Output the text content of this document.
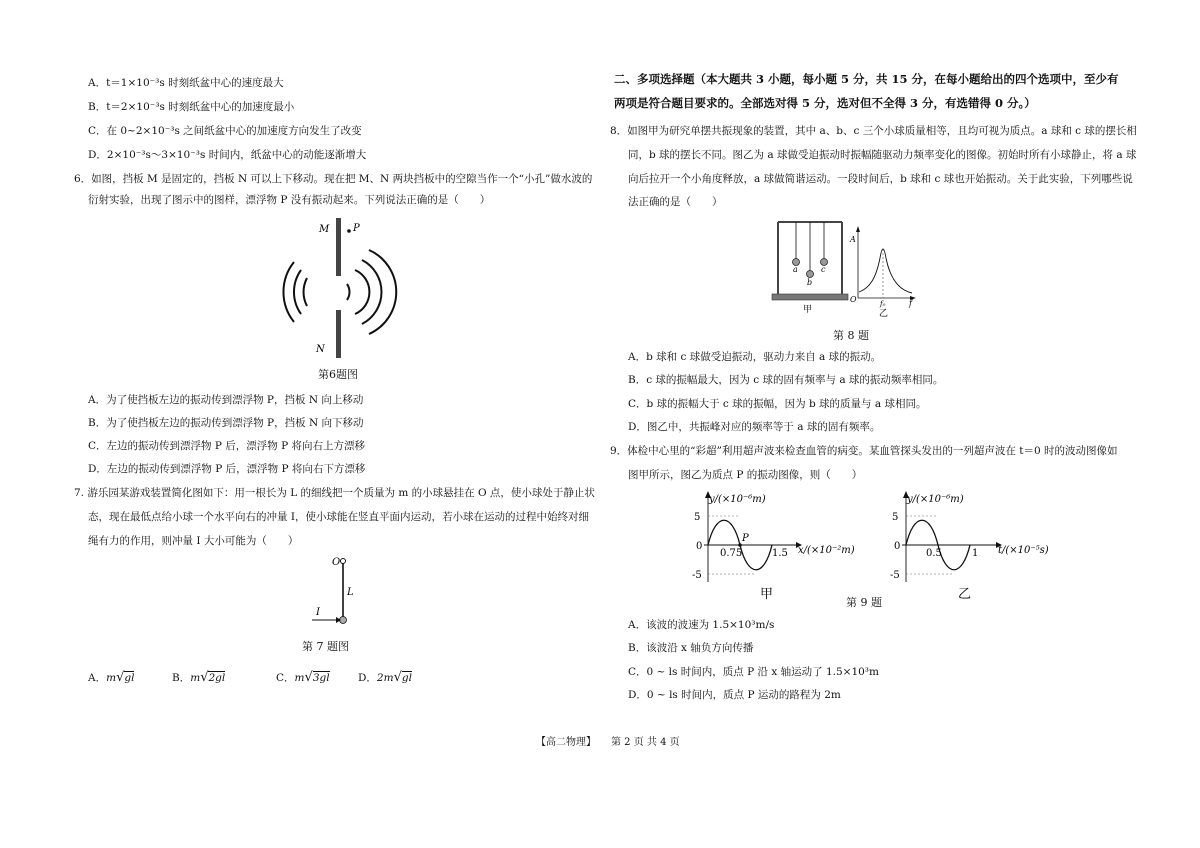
A．t＝1×10⁻³s 时刻纸盆中心的速度最大
B．t＝2×10⁻³s 时刻纸盆中心的加速度最小
C．在 0~2×10⁻³s 之间纸盆中心的加速度方向发生了改变
D．2×10⁻³s～3×10⁻³s 时间内，纸盆中心的动能逐渐增大
6．如图，挡板 M 是固定的，挡板 N 可以上下移动。现在把 M、N 两块挡板中的空隙当作一个“小孔”做水波的
衍射实验，出现了图示中的图样，漂浮物 P 没有振动起来。下列说法正确的是（　　）
M P
N
第6题图
A．为了使挡板左边的振动传到漂浮物 P，挡板 N 向上移动
B．为了使挡板左边的振动传到漂浮物 P，挡板 N 向下移动
C．左边的振动传到漂浮物 P 后，漂浮物 P 将向右上方漂移
D．左边的振动传到漂浮物 P 后，漂浮物 P 将向右下方漂移
7. 游乐园某游戏装置简化图如下：用一根长为 L 的细线把一个质量为 m 的小球悬挂在 O 点，使小球处于静止状
态，现在最低点给小球一个水平向右的冲量 I，使小球能在竖直平面内运动，若小球在运动的过程中始终对细
绳有力的作用，则冲量 I 大小可能为（　　）
O
L
I
第 7 题图
A．m√gl	B．m√2gl	C．m√3gl	D．2m√gl
二、多项选择题（本大题共 3 小题，每小题 5 分，共 15 分，在每小题给出的四个选项中，至少有
两项是符合题目要求的。全部选对得 5 分，选对但不全得 3 分，有选错得 0 分。）
8．如图甲为研究单摆共振现象的装置，其中 a、b、c 三个小球质量相等，且均可视为质点。a 球和 c 球的摆长相
同，b 球的摆长不同。图乙为 a 球做受迫振动时振幅随驱动力频率变化的图像。初始时所有小球静止，将 a 球
向后拉开一个小角度释放，a 球做简谐运动。一段时间后，b 球和 c 球也开始振动。关于此实验，下列哪些说
法正确的是（　　）
a
b
c
甲
A
O	f₀	f
乙
第 8 题
A．b 球和 c 球做受迫振动，驱动力来自 a 球的振动。
B．c 球的振幅最大，因为 c 球的固有频率与 a 球的振动频率相同。
C．b 球的振幅大于 c 球的振幅，因为 b 球的质量与 a 球相同。
D．图乙中，共振峰对应的频率等于 a 球的固有频率。
9．体检中心里的“彩超”利用超声波来检查血管的病变。某血管探头发出的一列超声波在 t＝0 时的波动图像如
图甲所示，图乙为质点 P 的振动图像，则（　　）
y/(×10⁻⁶m)
5
0
-5
0.75	1.5
P
x/(×10⁻²m)
甲
y/(×10⁻⁶m)
5
0
-5
0.5	1 t/(×10⁻⁵s)
乙
第 9 题
A．该波的波速为 1.5×10³m/s
B．该波沿 x 轴负方向传播
C．0 ~ ls 时间内，质点 P 沿 x 轴运动了 1.5×10³m
D．0 ~ ls 时间内，质点 P 运动的路程为 2m
【高二物理】　　第 2 页 共 4 页
